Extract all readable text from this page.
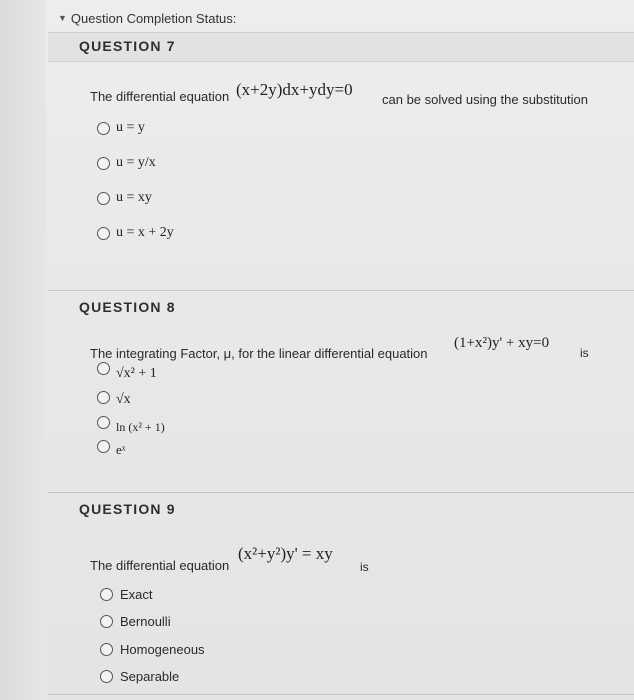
▼ Question Completion Status:
QUESTION 7
The differential equation (x+2y)dx+ydy=0
can be solved using the substitution
u = y
u = y/x
u = xy
u = x + 2y
QUESTION 8
The integrating Factor, μ, for the linear differential equation
(1+x²)y' + xy=0
is
√x² + 1
√x
ln (x² + 1)
eˣ
QUESTION 9
The differential equation
(x²+y²)y' = xy
is
Exact
Bernoulli
Homogeneous
Separable
